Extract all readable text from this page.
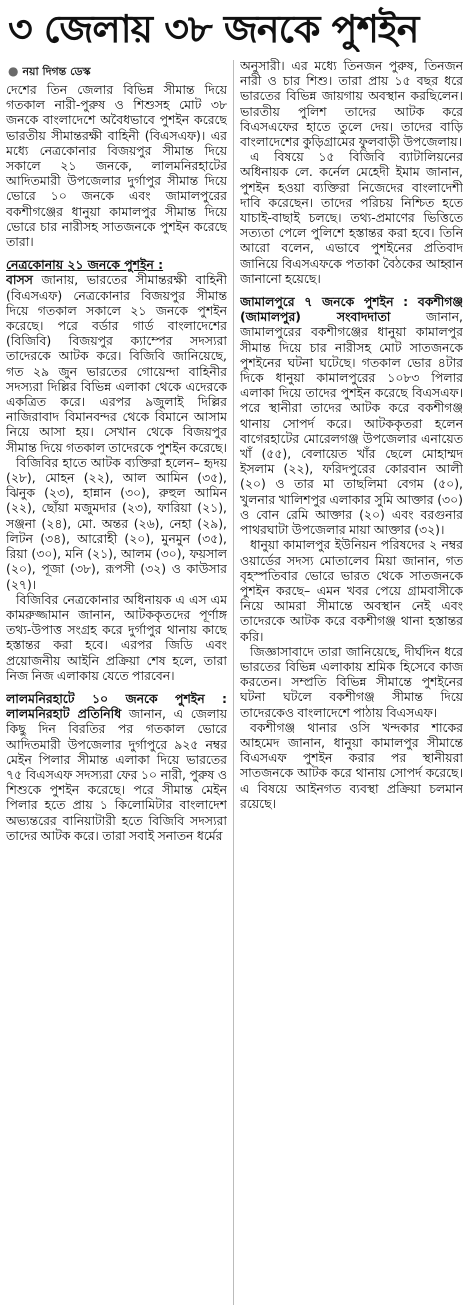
৩ জেলায় ৩৮ জনকে পুশইন
● নয়া দিগন্ত ডেস্ক

দেশের তিন জেলার বিভিন্ন সীমান্ত দিয়ে গতকাল নারী-পুরুষ ও শিশুসহ মোট ৩৮ জনকে বাংলাদেশে অবৈধভাবে পুশইন করেছে ভারতীয় সীমান্তরক্ষী বাহিনী (বিএসএফ)। এর মধ্যে নেত্রকোনার বিজয়পুর সীমান্ত দিয়ে সকালে ২১ জনকে, লালমনিরহাটের আদিতমারী উপজেলার দুর্গাপুর সীমান্ত দিয়ে ভোরে ১০ জনকে এবং জামালপুরের বকশীগঞ্জের ধানুয়া কামালপুর সীমান্ত দিয়ে ভোরে চার নারীসহ সাতজনকে পুশইন করেছে তারা।

নেত্রকোনায় ২১ জনকে পুশইন :

বাসস জানায়, ভারতের সীমান্তরক্ষী বাহিনী (বিএসএফ) নেত্রকোনার বিজয়পুর সীমান্ত দিয়ে গতকাল সকালে ২১ জনকে পুশইন করেছে। পরে বর্ডার গার্ড বাংলাদেশের (বিজিবি) বিজয়পুর ক্যাম্পের সদস্যরা তাদেরকে আটক করে। বিজিবি জানিয়েছে, গত ২৯ জুন ভারতের গোয়েন্দা বাহিনীর সদস্যরা দিল্লির বিভিন্ন এলাকা থেকে এদেরকে একত্রিত করে। এরপর ৯জুলাই দিল্লির নাজিরাবাদ বিমানবন্দর থেকে বিমানে আসাম নিয়ে আসা হয়। সেখান থেকে বিজয়পুর সীমান্ত দিয়ে গতকাল তাদেরকে পুশইন করেছে।

বিজিবির হাতে আটক ব্যক্তিরা হলেন– হৃদয় (২৮), মোহন (২২), আল আমিন (৩৫), ঝিনুক (২৩), হান্নান (৩০), রুহুল আমিন (২২), ছোঁয়া মজুমদার (২৩), ফারিয়া (২১), সঞ্জনা (২৪), মো. অন্তর (২৬), নেহা (২৯), লিটন (৩৪), আরোহী (২০), মুনমুন (৩৫), রিয়া (৩০), মনি (২১), আলম (৩০), ফয়সাল (২০), পূজা (৩৮), রূপসী (৩২) ও কাউসার (২৭)।

বিজিবির নেত্রকোনার অধিনায়ক এ এস এম কামরুজ্জামান জানান, আটককৃতদের পূর্ণাঙ্গ তথ্য-উপাত্ত সংগ্রহ করে দুর্গাপুর থানায় কাছে হস্তান্তর করা হবে। এরপর জিডি এবং প্রয়োজনীয় আইনি প্রক্রিয়া শেষ হলে, তারা নিজ নিজ এলাকায় যেতে পারবেন।

লালমনিরহাটে ১০ জনকে পুশইন : লালমনিরহাট প্রতিনিধি জানান, এ জেলায় কিছু দিন বিরতির পর গতকাল ভোরে আদিতমারী উপজেলার দুর্গাপুরে ৯২৫ নম্বর মেইন পিলার সীমান্ত এলাকা দিয়ে ভারতের ৭৫ বিএসএফ সদস্যরা ফের ১০ নারী, পুরুষ ও শিশুকে পুশইন করেছে। পরে সীমান্ত মেইন পিলার হতে প্রায় ১ কিলোমিটার বাংলাদেশ অভ্যন্তরের বানিয়াটারী হতে বিজিবি সদস্যরা তাদের আটক করে। তারা সবাই সনাতন ধর্মের

অনুসারী। এর মধ্যে তিনজন পুরুষ, তিনজন নারী ও চার শিশু। তারা প্রায় ১৫ বছর ধরে ভারতের বিভিন্ন জায়গায় অবস্থান করছিলেন। ভারতীয় পুলিশ তাদের আটক করে বিএসএফের হাতে তুলে দেয়। তাদের বাড়ি বাংলাদেশের কুড়িগ্রামের ফুলবাড়ী উপজেলায়।

এ বিষয়ে ১৫ বিজিবি ব্যাটালিয়নের অধিনায়ক লে. কর্নেল মেহেদী ইমাম জানান, পুশইন হওয়া ব্যক্তিরা নিজেদের বাংলাদেশী দাবি করেছেন। তাদের পরিচয় নিশ্চিত হতে যাচাই-বাছাই চলছে। তথ্য-প্রমাণের ভিত্তিতে সত্যতা পেলে পুলিশে হস্তান্তর করা হবে। তিনি আরো বলেন, এভাবে পুশইনের প্রতিবাদ জানিয়ে বিএসএফকে পতাকা বৈঠকের আহ্বান জানানো হয়েছে।

জামালপুরে ৭ জনকে পুশইন : বকশীগঞ্জ (জামালপুর) সংবাদদাতা জানান, জামালপুরের বকশীগঞ্জের ধানুয়া কামালপুর সীমান্ত দিয়ে চার নারীসহ মোট সাতজনকে পুশইনের ঘটনা ঘটেছে। গতকাল ভোর ৪টার দিকে ধানুয়া কামালপুরের ১০৮৩ পিলার এলাকা দিয়ে তাদের পুশইন করেছে বিএসএফ। পরে স্থানীরা তাদের আটক করে বকশীগঞ্জ থানায় সোপর্দ করে। আটককৃতরা হলেন বাগেরহাটের মোরেলগঞ্জ উপজেলার এনায়েত খাঁ (৫৫), বেলায়েত খাঁর ছেলে মোহাম্মদ ইসলাম (২২), ফরিদপুরের কোরবান আলী (২০) ও তার মা তাছলিমা বেগম (৫০), খুলনার খালিশপুর এলাকার সুমি আক্তার (৩০) ও বোন রেমি আক্তার (২০) এবং বরগুনার পাথরঘাটা উপজেলার মায়া আক্তার (৩২)।

ধানুয়া কামালপুর ইউনিয়ন পরিষদের ২ নম্বর ওয়ার্ডের সদস্য মোতালেব মিয়া জানান, গত বৃহস্পতিবার ভোরে ভারত থেকে সাতজনকে পুশইন করছে– এমন খবর পেয়ে গ্রামবাসীকে নিয়ে আমরা সীমান্তে অবস্থান নেই এবং তাদেরকে আটক করে বকশীগঞ্জ থানা হস্তান্তর করি।

জিজ্ঞাসাবাদে তারা জানিয়েছে, দীর্ঘদিন ধরে ভারতের বিভিন্ন এলাকায় শ্রমিক হিসেবে কাজ করতেন। সম্প্রতি বিভিন্ন সীমান্তে পুশইনের ঘটনা ঘটলে বকশীগঞ্জ সীমান্ত দিয়ে তাদেরকেও বাংলাদেশে পাঠায় বিএসএফ।

বকশীগঞ্জ থানার ওসি খন্দকার শাকের আহমেদ জানান, ধানুয়া কামালপুর সীমান্তে বিএসএফ পুশইন করার পর স্থানীয়রা সাতজনকে আটক করে থানায় সোপর্দ করেছে। এ বিষয়ে আইনগত ব্যবস্থা প্রক্রিয়া চলমান রয়েছে।
